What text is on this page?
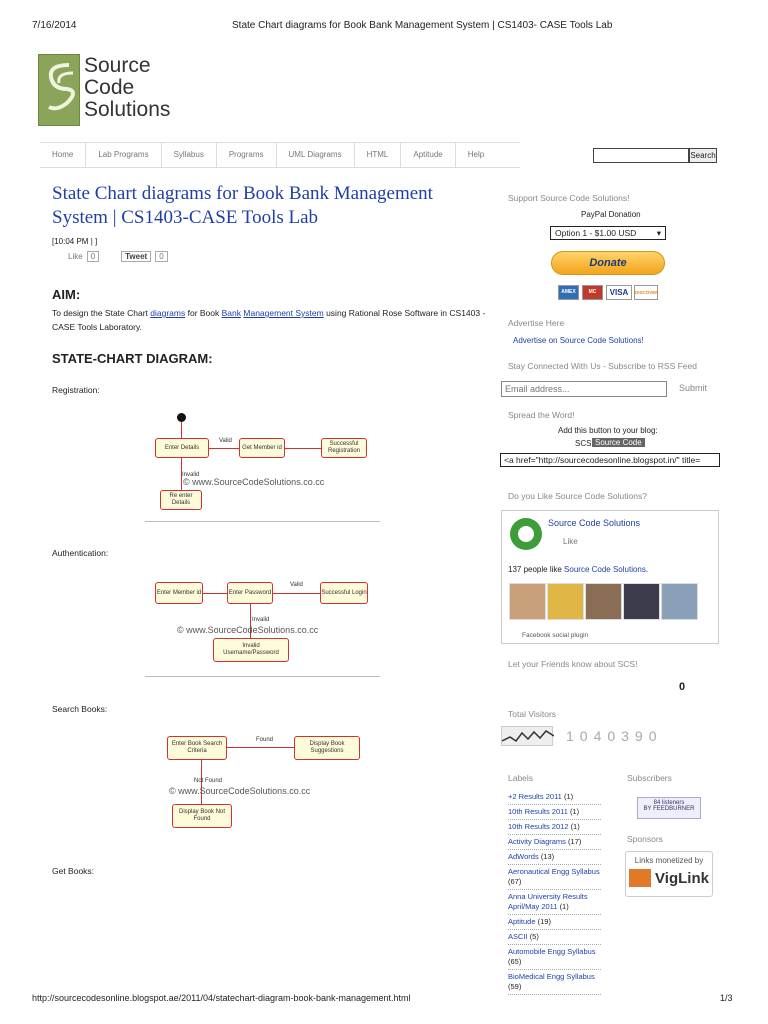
7/16/2014	State Chart diagrams for Book Bank Management System | CS1403- CASE Tools Lab
Source
Code
Solutions
Home	Lab Programs	Syllabus	Programs	UML Diagrams	HTML	Aptitude	Help	Search
State Chart diagrams for Book Bank Management System | CS1403-CASE Tools Lab
[10:04 PM | ]
Like	0	Tweet	0
AIM:
To design the State Chart diagrams for Book Bank Management System using Rational Rose Software in CS1403 - CASE Tools Laboratory.
STATE-CHART DIAGRAM:
Registration:
Enter Details
Valid
Get Member id
Successful Registration
Invalid
Re enter Details
© www.SourceCodeSolutions.co.cc
Authentication:
Enter Member id	Enter Password
Valid
Successful Login
Invalid
Invalid Username/Password
© www.SourceCodeSolutions.co.cc
Search Books:
Enter Book Search Criteria
Found
Display Book Suggestions
Not Found
Display Book Not Found
© www.SourceCodeSolutions.co.cc
Get Books:
Support Source Code Solutions!
PayPal Donation
Option 1 - $1.00 USD ▾
Donate
AMEX	MC	VISA	DISCOVER
Advertise Here
Advertise on Source Code Solutions!
Stay Connected With Us - Subscribe to RSS Feed
Email address...
Submit
Spread the Word!
Add this button to your blog:
SCS Source Code
<a href="http://sourcecodesonline.blogspot.in/" title=
Do you Like Source Code Solutions?
Source Code Solutions
Like
137 people like Source Code Solutions.
Facebook social plugin
Let your Friends know about SCS!
0
Total Visitors
1040390
Labels
+2 Results 2011 (1)
10th Results 2011 (1)
10th Results 2012 (1)
Activity Diagrams (17)
AdWords (13)
Aeronautical Engg Syllabus (67)
Anna University Results April/May 2011 (1)
Aptitude (19)
ASCII (5)
Automobile Engg Syllabus (65)
BioMedical Engg Syllabus (59)
Subscribers
84 listeners
BY FEEDBURNER
Sponsors
Links monetized by
VigLink
http://sourcecodesonline.blogspot.ae/2011/04/statechart-diagram-book-bank-management.html	1/3
